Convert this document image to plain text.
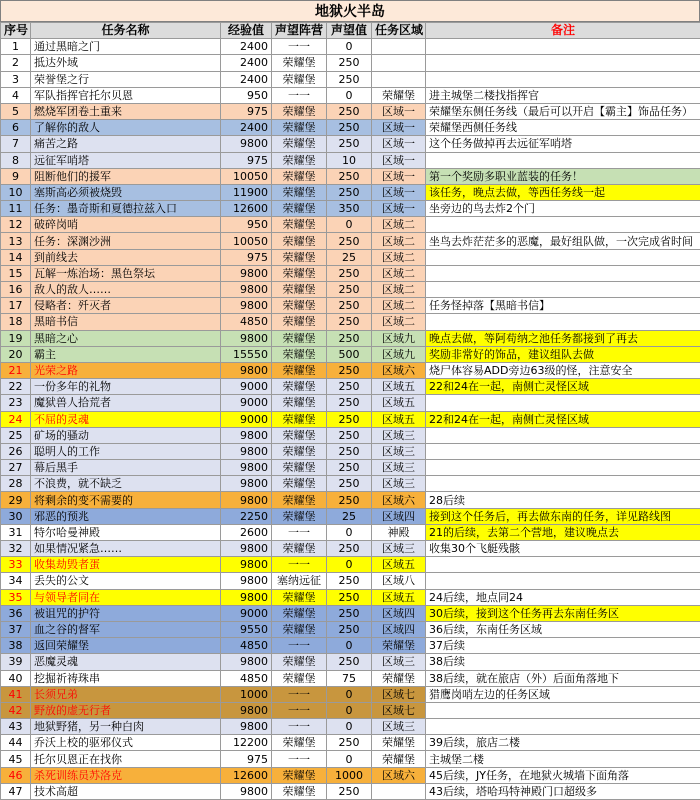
地狱火半岛
序号	任务名称	经验值	声望阵营	声望值	任务区域	备注
1	通过黑暗之门	2400	一一	0		
2	抵达外域	2400	荣耀堡	250		
3	荣誉堡之行	2400	荣耀堡	250		
4	军队指挥官托尔贝恩	950	一一	0	荣耀堡	进主城堡二楼找指挥官
5	燃烧军团卷土重来	975	荣耀堡	250	区域一	荣耀堡东侧任务线（最后可以开启【霸主】饰品任务）
6	了解你的敌人	2400	荣耀堡	250	区域一	荣耀堡西侧任务线
7	痛苦之路	9800	荣耀堡	250	区域一	这个任务做掉再去远征军哨塔
8	远征军哨塔	975	荣耀堡	10	区域一	
9	阻断他们的援军	10050	荣耀堡	250	区域一	第一个奖励多职业蓝装的任务！
10	塞斯高必须被烧毁	11900	荣耀堡	250	区域一	该任务，晚点去做，等西任务线一起
11	任务：墨奇斯和夏德拉兹入口	12600	荣耀堡	350	区域一	坐旁边的鸟去炸2个门
12	破碎岗哨	950	荣耀堡	0	区域二	
13	任务：深渊沙洲	10050	荣耀堡	250	区域二	坐鸟去炸茫茫多的恶魔，最好组队做，一次完成省时间
14	到前线去	975	荣耀堡	25	区域二	
15	瓦解一炼治场：黑色祭坛	9800	荣耀堡	250	区域二	
16	敌人的敌人……	9800	荣耀堡	250	区域二	
17	侵略者：歼灭者	9800	荣耀堡	250	区域二	任务怪掉落【黑暗书信】
18	黑暗书信	4850	荣耀堡	250	区域二	
19	黑暗之心	9800	荣耀堡	250	区域九	晚点去做，等阿苟纳之池任务都接到了再去
20	霸主	15550	荣耀堡	500	区域九	奖励非常好的饰品，建议组队去做
21	光荣之路	9800	荣耀堡	250	区域六	烧尸体容易ADD旁边63级的怪，注意安全
22	一份多年的礼物	9000	荣耀堡	250	区域五	22和24在一起，南侧亡灵怪区域
23	魔狱兽人拾荒者	9000	荣耀堡	250	区域五	
24	不屈的灵魂	9000	荣耀堡	250	区域五	22和24在一起，南侧亡灵怪区域
25	矿场的骚动	9800	荣耀堡	250	区域三	
26	聪明人的工作	9800	荣耀堡	250	区域三	
27	幕后黑手	9800	荣耀堡	250	区域三	
28	不浪费，就不缺乏	9800	荣耀堡	250	区域三	
29	将剩余的变不需要的	9800	荣耀堡	250	区域六	28后续
30	邪恶的预兆	2250	荣耀堡	25	区域四	接到这个任务后，再去做东南的任务，详见路线图
31	特尔哈曼神殿	2600	一一	0	神殿	21的后续，去第二个营地，建议晚点去
32	如果情况紧急……	9800	荣耀堡	250	区域三	收集30个飞艇残骸
33	收集劫毁者蛋	9800	一一	0	区域五	
34	丢失的公文	9800	塞纳远征	250	区域八	
35	与领导者同在	9800	荣耀堡	250	区域五	24后续，地点同24
36	被诅咒的护符	9000	荣耀堡	250	区域四	30后续，接到这个任务再去东南任务区
37	血之谷的督军	9550	荣耀堡	250	区域四	36后续，东南任务区域
38	返回荣耀堡	4850	一一	0	荣耀堡	37后续
39	恶魔灵魂	9800	荣耀堡	250	区域三	38后续
40	挖掘祈祷珠串	4850	荣耀堡	75	荣耀堡	38后续，就在旅店（外）后面角落地下
41	长须兄弟	1000	一一	0	区域七	猎鹰岗哨左边的任务区域
42	野放的虚无行者	9800	一一	0	区域七	
43	地狱野猪，另一种白肉	9800	一一	0	区域三	
44	乔沃上校的驱邪仪式	12200	荣耀堡	250	荣耀堡	39后续，旅店二楼
45	托尔贝恩正在找你	975	一一	0	荣耀堡	主城堡二楼
46	杀死训练员苏洛克	12600	荣耀堡	1000	区域六	45后续，JY任务，在地狱火城墙下面角落
47	技术高超	9800	荣耀堡	250		43后续，塔哈玛特神殿门口超级多
